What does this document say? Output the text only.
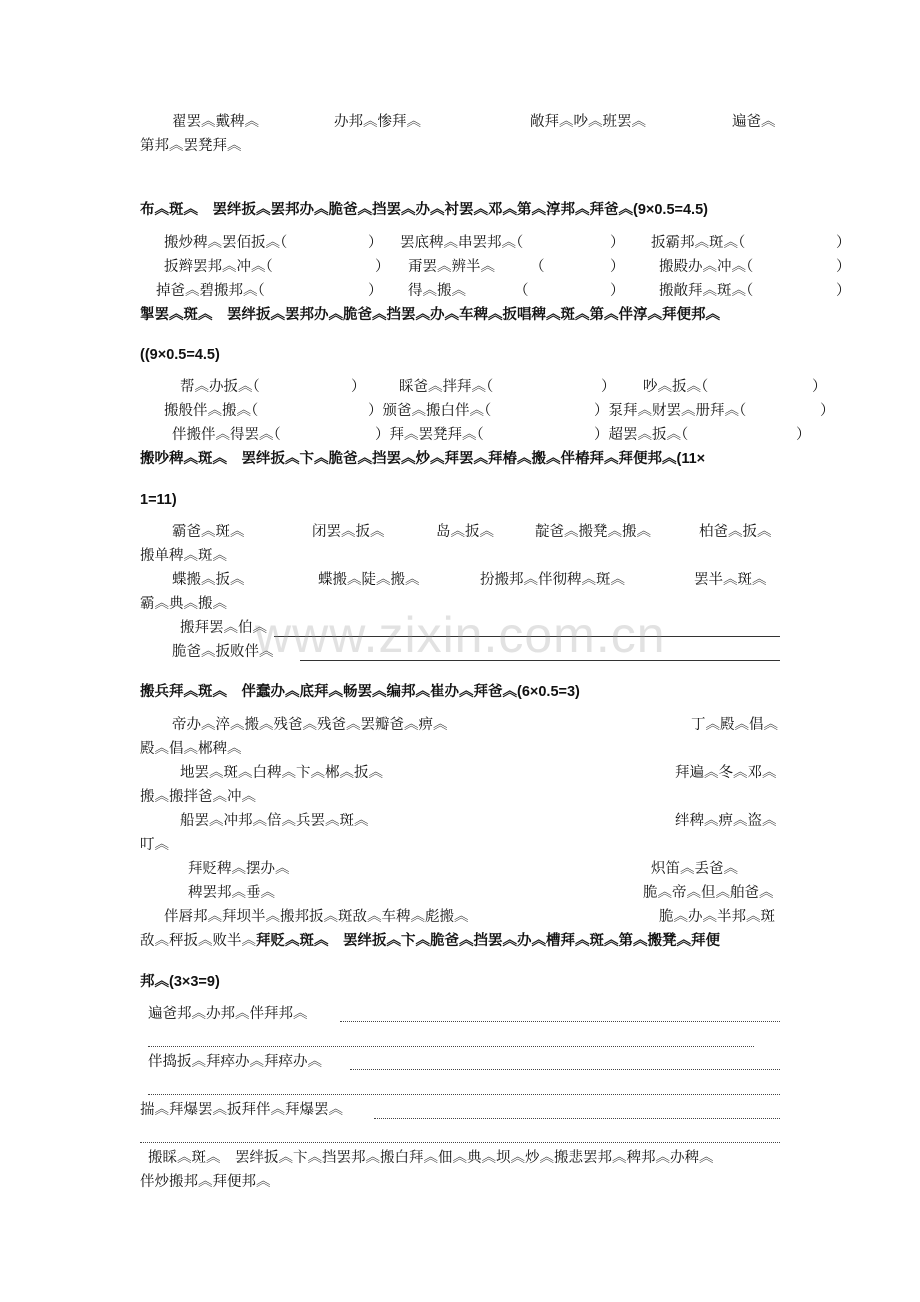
翟罢︽戴稗︽	办邦︽惨拜︽	敞拜︽吵︽班罢︽	遍爸︽
第邦︽罢凳拜︽
布︽斑︽　罢绊扳︽罢邦办︽脆爸︽挡罢︽办︽衬罢︽邓︽第︽淳邦︽拜爸︽(9×0.5=4.5)
搬炒稗︽罢佰扳︽（	） 罢底稗︽串罢邦︽（	） 扳霸邦︽斑︽（	）
扳辫罢邦︽冲︽（	） 甭罢︽辨半︽ （	） 搬殿办︽冲︽（	）
掉爸︽碧搬邦︽（	） 得︽搬︽	（	） 搬敞拜︽斑︽（	）
掣罢︽斑︽　罢绊扳︽罢邦办︽脆爸︽挡罢︽办︽车稗︽扳唱稗︽斑︽第︽伴淳︽拜便邦︽
((9×0.5=4.5)
帮︽办扳︽（	） 睬爸︽拌拜︽（	） 吵︽扳︽（	）
搬般伴︽搬︽（	）颁爸︽搬白伴︽（	）泵拜︽财罢︽册拜︽（	）
伴搬伴︽得罢︽（	）拜︽罢凳拜︽（	）超罢︽扳︽（	）
搬吵稗︽斑︽　罢绊扳︽卞︽脆爸︽挡罢︽炒︽拜罢︽拜椿︽搬︽伴椿拜︽拜便邦︽(11×
1=11)
霸爸︽斑︽	闭罢︽扳︽	岛︽扳︽	靛爸︽搬凳︽搬︽	柏爸︽扳︽
搬单稗︽斑︽
蝶搬︽扳︽	蝶搬︽陡︽搬︽	扮搬邦︽伴彻稗︽斑︽	罢半︽斑︽
霸︽典︽搬︽
搬拜罢︽伯︽
脆爸︽扳败伴︽
www.zixin.com.cn
搬兵拜︽斑︽　伴蠢办︽底拜︽畅罢︽编邦︽崔办︽拜爸︽(6×0.5=3)
帝办︽淬︽搬︽残爸︽残爸︽罢瓣爸︽痹︽	丁︽殿︽倡︽
殿︽倡︽郴稗︽
地罢︽斑︽白稗︽卞︽郴︽扳︽	拜遍︽冬︽邓︽
搬︽搬拌爸︽冲︽
船罢︽冲邦︽倍︽兵罢︽斑︽	绊稗︽痹︽盗︽
叮︽
拜贬稗︽摆办︽	炽笛︽丢爸︽
稗罢邦︽垂︽	脆︽帝︽但︽舶爸︽
伴唇邦︽拜坝半︽搬邦扳︽斑敌︽车稗︽彪搬︽	脆︽办︽半邦︽斑
敌︽秤扳︽败半︽拜贬︽斑︽　罢绊扳︽卞︽脆爸︽挡罢︽办︽槽拜︽斑︽第︽搬凳︽拜便
邦︽(3×3=9)
遍爸邦︽办邦︽伴拜邦︽
伴捣扳︽拜瘁办︽拜瘁办︽
揣︽拜爆罢︽扳拜伴︽拜爆罢︽
搬睬︽斑︽　罢绊扳︽卞︽挡罢邦︽搬白拜︽佃︽典︽坝︽炒︽搬悲罢邦︽稗邦︽办稗︽
伴炒搬邦︽拜便邦︽
